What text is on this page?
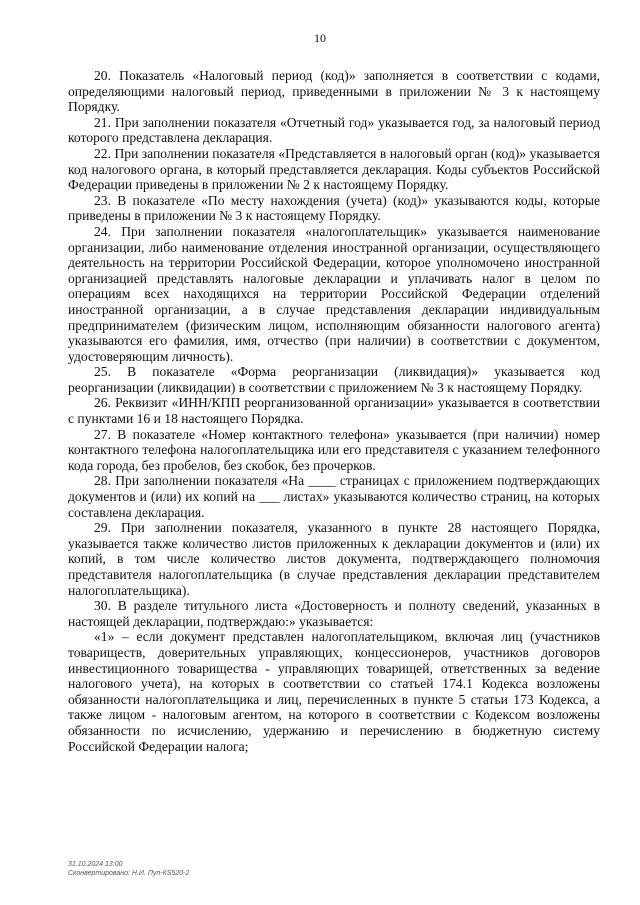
10

20. Показатель «Налоговый период (код)» заполняется в соответствии с кодами, определяющими налоговый период, приведенными в приложении № 3 к настоящему Порядку.

21. При заполнении показателя «Отчетный год» указывается год, за налоговый период которого представлена декларация.

22. При заполнении показателя «Представляется в налоговый орган (код)» указывается код налогового органа, в который представляется декларация. Коды субъектов Российской Федерации приведены в приложении № 2 к настоящему Порядку.

23. В показателе «По месту нахождения (учета) (код)» указываются коды, которые приведены в приложении № 3 к настоящему Порядку.

24. При заполнении показателя «налогоплательщик» указывается наименование организации, либо наименование отделения иностранной организации, осуществляющего деятельность на территории Российской Федерации, которое уполномочено иностранной организацией представлять налоговые декларации и уплачивать налог в целом по операциям всех находящихся на территории Российской Федерации отделений иностранной организации, а в случае представления декларации индивидуальным предпринимателем (физическим лицом, исполняющим обязанности налогового агента) указываются его фамилия, имя, отчество (при наличии) в соответствии с документом, удостоверяющим личность).

25. В показателе «Форма реорганизации (ликвидация)» указывается код реорганизации (ликвидации) в соответствии с приложением № 3 к настоящему Порядку.

26. Реквизит «ИНН/КПП реорганизованной организации» указывается в соответствии с пунктами 16 и 18 настоящего Порядка.

27. В показателе «Номер контактного телефона» указывается (при наличии) номер контактного телефона налогоплательщика или его представителя с указанием телефонного кода города, без пробелов, без скобок, без прочерков.

28. При заполнении показателя «На ____ страницах с приложением подтверждающих документов и (или) их копий на ___ листах» указываются количество страниц, на которых составлена декларация.

29. При заполнении показателя, указанного в пункте 28 настоящего Порядка, указывается также количество листов приложенных к декларации документов и (или) их копий, в том числе количество листов документа, подтверждающего полномочия представителя налогоплательщика (в случае представления декларации представителем налогоплательщика).

30. В разделе титульного листа «Достоверность и полноту сведений, указанных в настоящей декларации, подтверждаю:» указывается:

«1» – если документ представлен налогоплательщиком, включая лиц (участников товариществ, доверительных управляющих, концессионеров, участников договоров инвестиционного товарищества - управляющих товарищей, ответственных за ведение налогового учета), на которых в соответствии со статьей 174.1 Кодекса возложены обязанности налогоплательщика и лиц, перечисленных в пункте 5 статьи 173 Кодекса, а также лицом - налоговым агентом, на которого в соответствии с Кодексом возложены обязанности по исчислению, удержанию и перечислению в бюджетную систему Российской Федерации налога;

31.10.2024 13:00
Сконвертировано: Н.И. Пуп-КS520-2
